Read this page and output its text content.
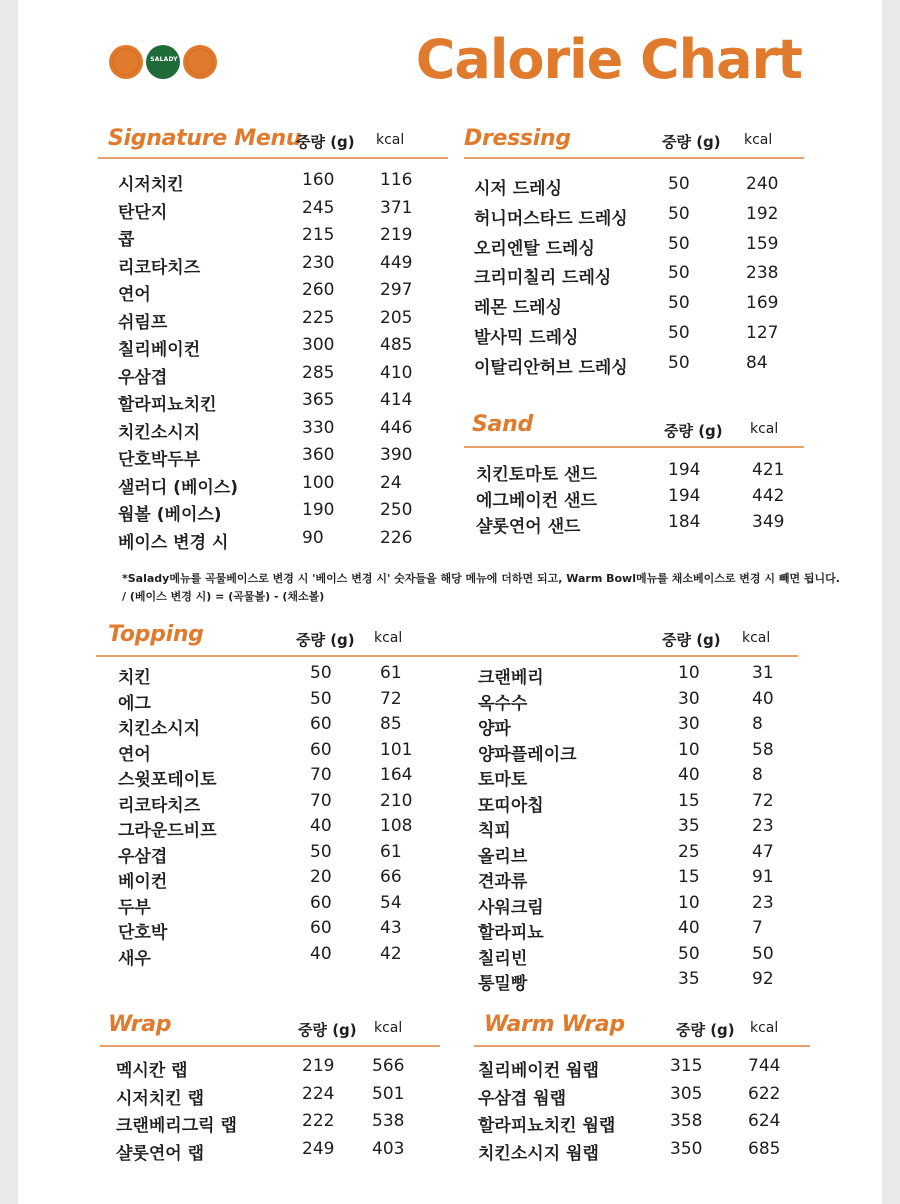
SALADY	Calorie Chart
Signature Menu
중량 (g) kcal
시저치킨	160	116
탄단지	245	371
콥	215	219
리코타치즈	230	449
연어	260	297
쉬림프	225	205
칠리베이컨	300	485
우삼겹	285	410
할라피뇨치킨	365	414
치킨소시지	330	446
단호박두부	360	390
샐러디 (베이스)	100	24
웜볼 (베이스)	190	250
베이스 변경 시	90	226
Dressing	중량 (g) kcal
시저 드레싱	50	240
허니머스타드 드레싱 50	192
오리엔탈 드레싱	50	159
크리미칠리 드레싱	50	238
레몬 드레싱	50	169
발사믹 드레싱	50	127
이탈리안허브 드레싱 50	84
Sand	중량 (g) kcal
치킨토마토 샌드	194	421
에그베이컨 샌드	194	442
샬롯연어 샌드	184	349
*Salady메뉴를 곡물베이스로 변경 시 '베이스 변경 시' 숫자들을 해당 메뉴에 더하면 되고, Warm Bowl메뉴를 채소베이스로 변경 시 빼면 됩니다.
/ (베이스 변경 시) = (곡물볼) - (채소볼)
Topping	중량 (g) kcal	중량 (g) kcal
치킨	50	61
에그	50	72
치킨소시지	60	85
연어	60	101
스윗포테이토	70	164
리코타치즈	70	210
그라운드비프	40	108
우삼겹	50	61
베이컨	20	66
두부	60	54
단호박	60	43
새우	40	42
크랜베리	10	31
옥수수	30	40
양파	30	8
양파플레이크	10	58
토마토	40	8
또띠아칩	15	72
칙피	35	23
올리브	25	47
견과류	15	91
사워크림	10	23
할라피뇨	40	7
칠리빈	50	50
통밀빵	35	92
Wrap	중량 (g) kcal
멕시칸 랩	219 566
시저치킨 랩	224 501
크랜베리그릭 랩	222 538
샬롯연어 랩	249 403
Warm Wrap	중량 (g) kcal
칠리베이컨 웜랩	315	744
우삼겹 웜랩	305	622
할라피뇨치킨 웜랩	358	624
치킨소시지 웜랩	350	685
